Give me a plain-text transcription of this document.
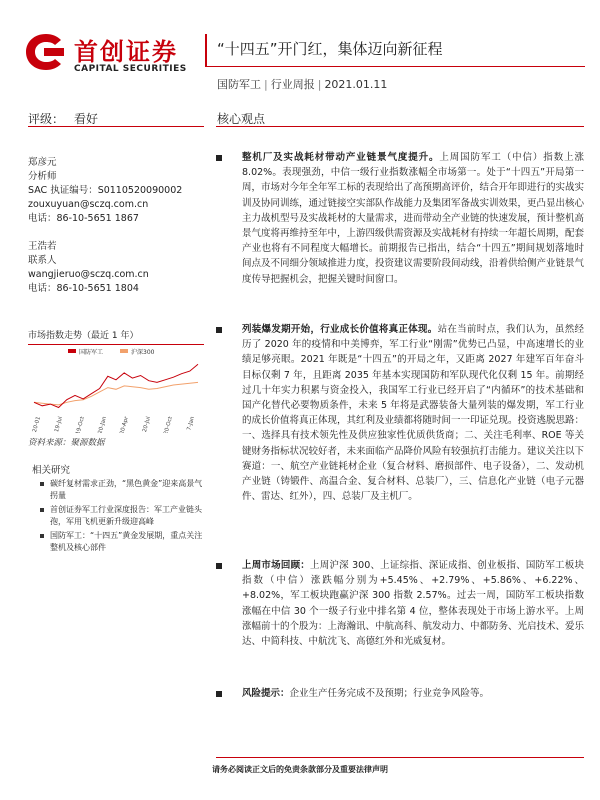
首创证券
CAPITAL SECURITIES
“十四五”开门红，集体迈向新征程
国防军工 | 行业周报 | 2021.01.11
评级： 看好	核心观点
郑彦元
分析师
SAC 执证编号：S0110520090002
zouxuyuan@sczq.com.cn
电话：86-10-5651 1867
王浩若
联系人
wangjieruo@sczq.com.cn
电话：86-10-5651 1804
市场指数走势（最近 1 年）
国防军工	沪深300
20-01 19-Jul 19-Oct 20-Jan 20-Apr 20-Jul 20-Oct 7-Jan
资料来源：聚源数据
相关研究
碳纤复材需求正劲，“黑色黄金”迎来高景气拐量
首创证券军工行业深度报告：军工产业链头孢，军用飞机更新升级迎高峰
国防军工：“十四五”黄金发展期，重点关注整机及核心部件
整机厂及实战耗材带动产业链景气度提升。上周国防军工（中信）指数上涨 8.02%。表现强劲，中信一级行业指数涨幅全市场第一。处于“十四五”开局第一周，市场对今年全年军工标的表现给出了高预期高评价，结合开年即进行的实战实训及协同训练，通过链接空实部队作战能力及集团军备战实训效果，更凸显出核心主力战机型号及实战耗材的大量需求，进而带动全产业链的快速发展，预计整机高景气度将再维持至年中，上游四级供需资源及实战耗材有持续一年超长周期，配套产业也将有不同程度大幅增长。前期报告已指出，结合“十四五”期间规划落地时间点及不同细分领域推进力度，投资建议需要阶段间动线，沿着供给侧产业链景气度传导把握机会，把握关键时间窗口。
列装爆发期开始，行业成长价值将真正体现。站在当前时点，我们认为，虽然经历了 2020 年的疫情和中美博弈，军工行业“刚需”优势已凸显，中高速增长的业绩足够亮眼。2021 年既是“十四五”的开局之年，又距离 2027 年建军百年奋斗目标仅剩 7 年，且距离 2035 年基本实现国防和军队现代化仅剩 15 年。前期经过几十年实力积累与资金投入，我国军工行业已经开启了“内循环”的技术基础和国产化替代必要物质条件，未来 5 年将是武器装备大量列装的爆发期，军工行业的成长价值将真正体现，其红利及业绩都将随时间一一印证兑现。投资逃脱思路：一、选择具有技术领先性及供应独家性优质供货商；二、关注毛利率、ROE 等关键财务指标状况较好者，未来面临产品降价风险有较强抗打击能力。建议关注以下赛道：一、航空产业链耗材企业（复合材料、磨损部件、电子设备），二、发动机产业链（铸锻件、高温合金、复合材料、总装厂），三、信息化产业链（电子元器件、雷达、红外），四、总装厂及主机厂。
上周市场回顾：上周沪深 300、上证综指、深证成指、创业板指、国防军工板块指数（中信）涨跌幅分别为+5.45%、+2.79%、+5.86%、+6.22%、+8.02%，军工板块跑赢沪深 300 指数 2.57%。过去一周，国防军工板块指数涨幅在中信 30 个一级子行业中排名第 4 位，整体表现处于市场上游水平。上周涨幅前十的个股为：上海瀚讯、中航高科、航发动力、中都防务、光启技术、爱乐达、中简科技、中航沈飞、高德红外和光威复材。
风险提示：企业生产任务完成不及预期；行业竞争风险等。
请务必阅读正文后的免责条款部分及重要法律声明
